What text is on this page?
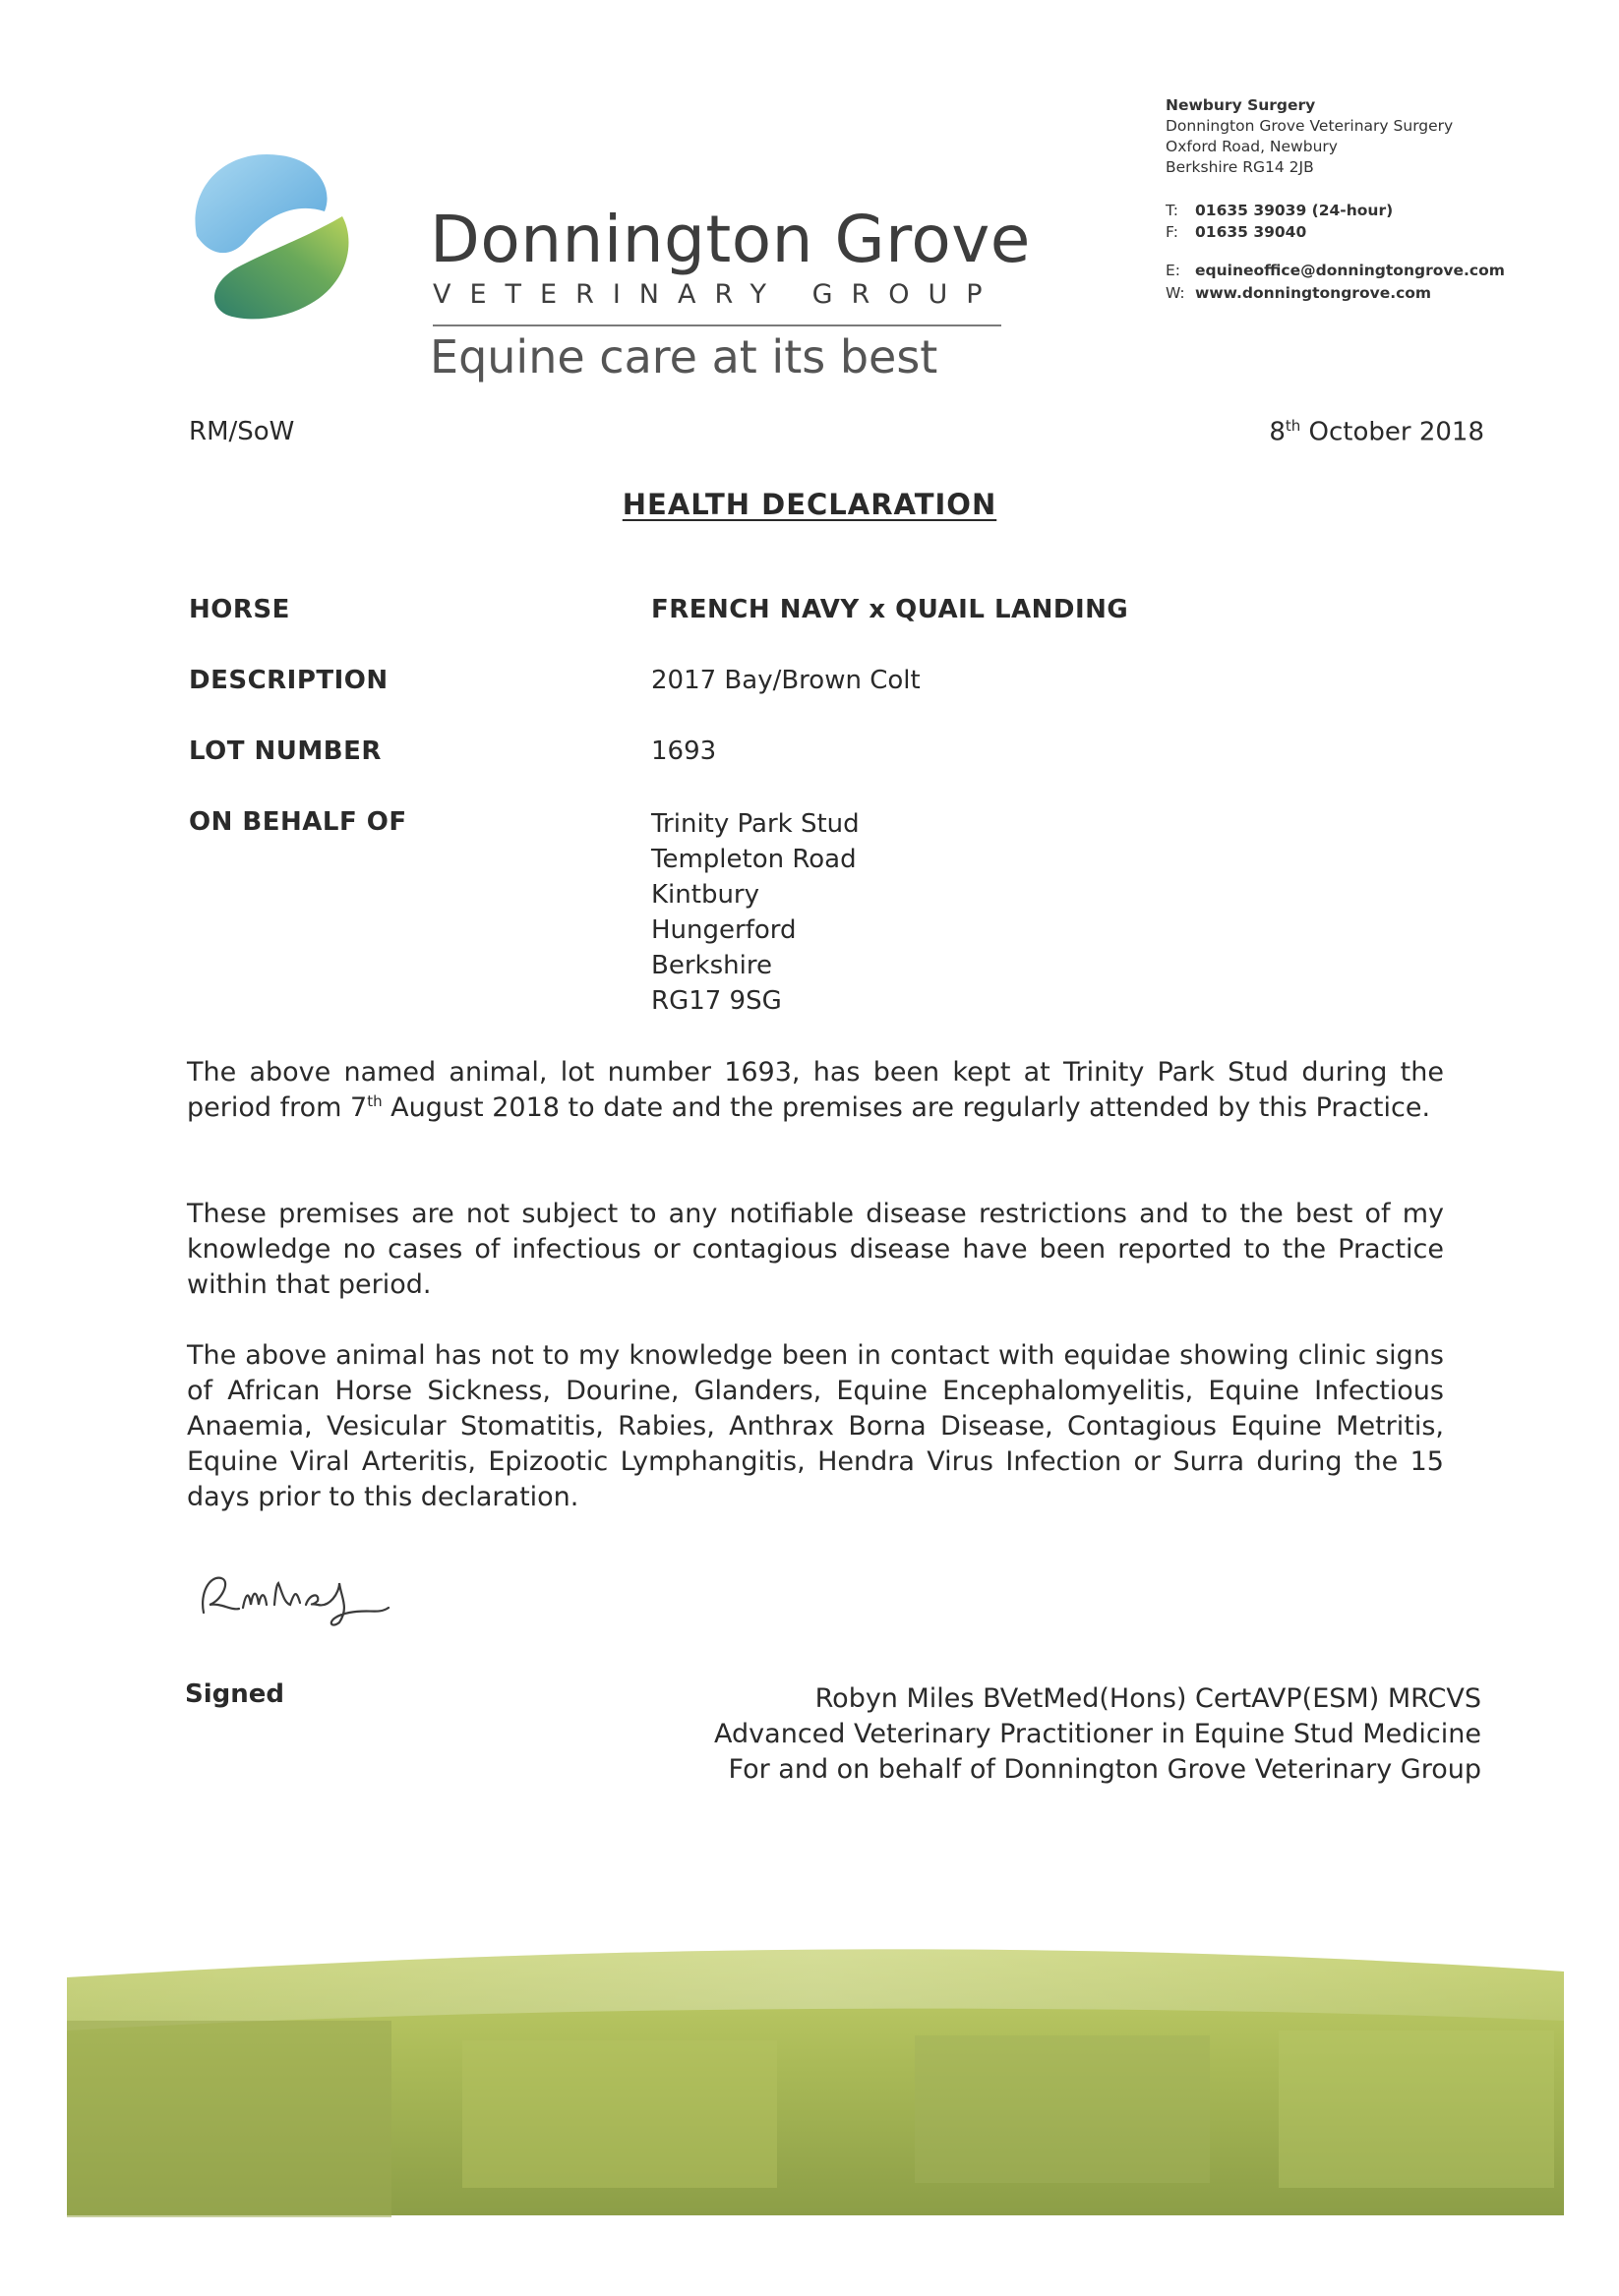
Donnington Grove
VETERINARY GROUP
Equine care at its best
Newbury Surgery
Donnington Grove Veterinary Surgery
Oxford Road, Newbury
Berkshire RG14 2JB
T: 01635 39039 (24-hour)
F: 01635 39040
E: equineoffice@donningtongrove.com
W: www.donningtongrove.com
RM/SoW	8th October 2018
HEALTH DECLARATION
HORSE	FRENCH NAVY x QUAIL LANDING
DESCRIPTION	2017 Bay/Brown Colt
LOT NUMBER	1693
ON BEHALF OF	Trinity Park Stud
Templeton Road
Kintbury
Hungerford
Berkshire
RG17 9SG
The above named animal, lot number 1693, has been kept at Trinity Park Stud during the period from 7th August 2018 to date and the premises are regularly attended by this Practice.
These premises are not subject to any notifiable disease restrictions and to the best of my knowledge no cases of infectious or contagious disease have been reported to the Practice within that period.
The above animal has not to my knowledge been in contact with equidae showing clinic signs of African Horse Sickness, Dourine, Glanders, Equine Encephalomyelitis, Equine Infectious Anaemia, Vesicular Stomatitis, Rabies, Anthrax Borna Disease, Contagious Equine Metritis, Equine Viral Arteritis, Epizootic Lymphangitis, Hendra Virus Infection or Surra during the 15 days prior to this declaration.
Signed	Robyn Miles BVetMed(Hons) CertAVP(ESM) MRCVS
Advanced Veterinary Practitioner in Equine Stud Medicine
For and on behalf of Donnington Grove Veterinary Group
